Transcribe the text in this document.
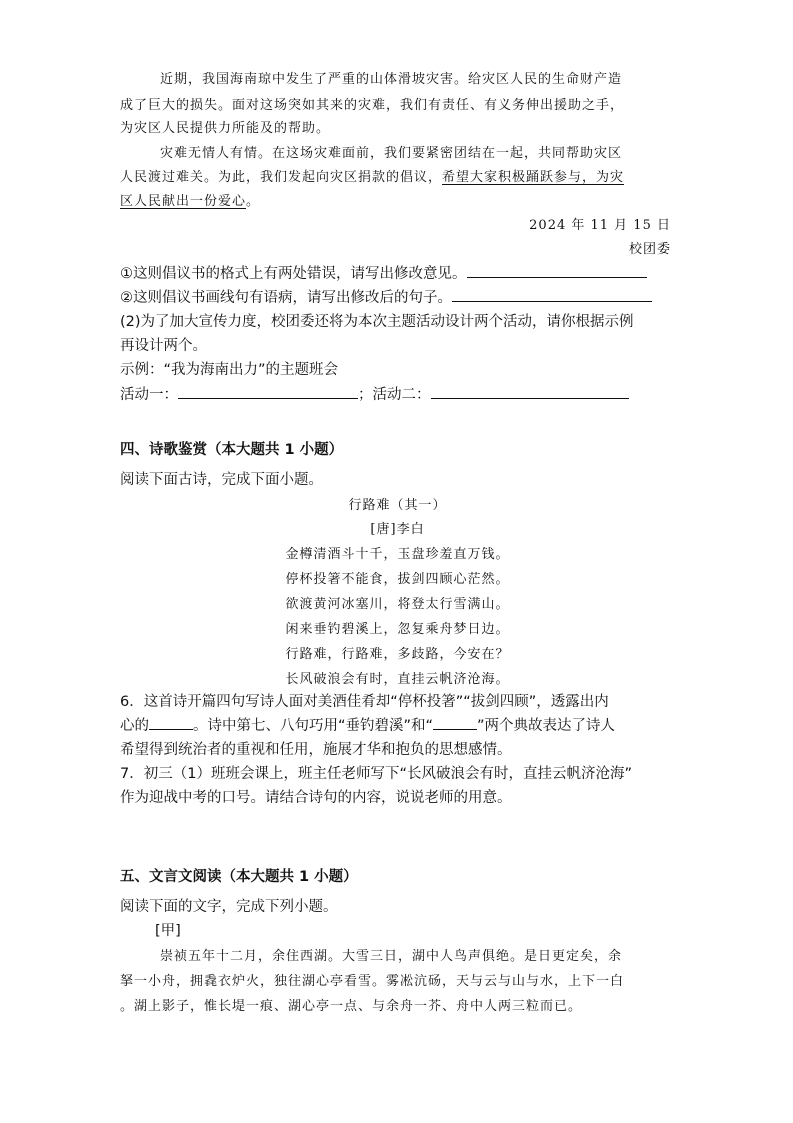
近期，我国海南琼中发生了严重的山体滑坡灾害。给灾区人民的生命财产造
成了巨大的损失。面对这场突如其来的灾难，我们有责任、有义务伸出援助之手，
为灾区人民提供力所能及的帮助。
灾难无情人有情。在这场灾难面前，我们要紧密团结在一起，共同帮助灾区
人民渡过难关。为此，我们发起向灾区捐款的倡议，希望大家积极踊跃参与，为灾
区人民献出一份爱心。
2024 年 11 月 15 日
校团委
①这则倡议书的格式上有两处错误，请写出修改意见。
②这则倡议书画线句有语病，请写出修改后的句子。
(2)为了加大宣传力度，校团委还将为本次主题活动设计两个活动，请你根据示例
再设计两个。
示例：“我为海南出力”的主题班会
活动一：	；活动二：
四、诗歌鉴赏（本大题共 1 小题）
阅读下面古诗，完成下面小题。
行路难（其一）
[唐]李白
金樽清酒斗十千，玉盘珍羞直万钱。
停杯投箸不能食，拔剑四顾心茫然。
欲渡黄河冰塞川，将登太行雪满山。
闲来垂钓碧溪上，忽复乘舟梦日边。
行路难，行路难，多歧路，今安在？
长风破浪会有时，直挂云帆济沧海。
6．这首诗开篇四句写诗人面对美酒佳肴却“停杯投箸”“拔剑四顾”，透露出内
心的	。诗中第七、八句巧用“垂钓碧溪”和“	”两个典故表达了诗人
希望得到统治者的重视和任用，施展才华和抱负的思想感情。
7．初三（1）班班会课上，班主任老师写下“长风破浪会有时，直挂云帆济沧海”
作为迎战中考的口号。请结合诗句的内容，说说老师的用意。
五、文言文阅读（本大题共 1 小题）
阅读下面的文字，完成下列小题。
[甲]
崇祯五年十二月，余住西湖。大雪三日，湖中人鸟声俱绝。是日更定矣，余
拏一小舟，拥毳衣炉火，独往湖心亭看雪。雾凇沆砀，天与云与山与水，上下一白
。湖上影子，惟长堤一痕、湖心亭一点、与余舟一芥、舟中人两三粒而已。
